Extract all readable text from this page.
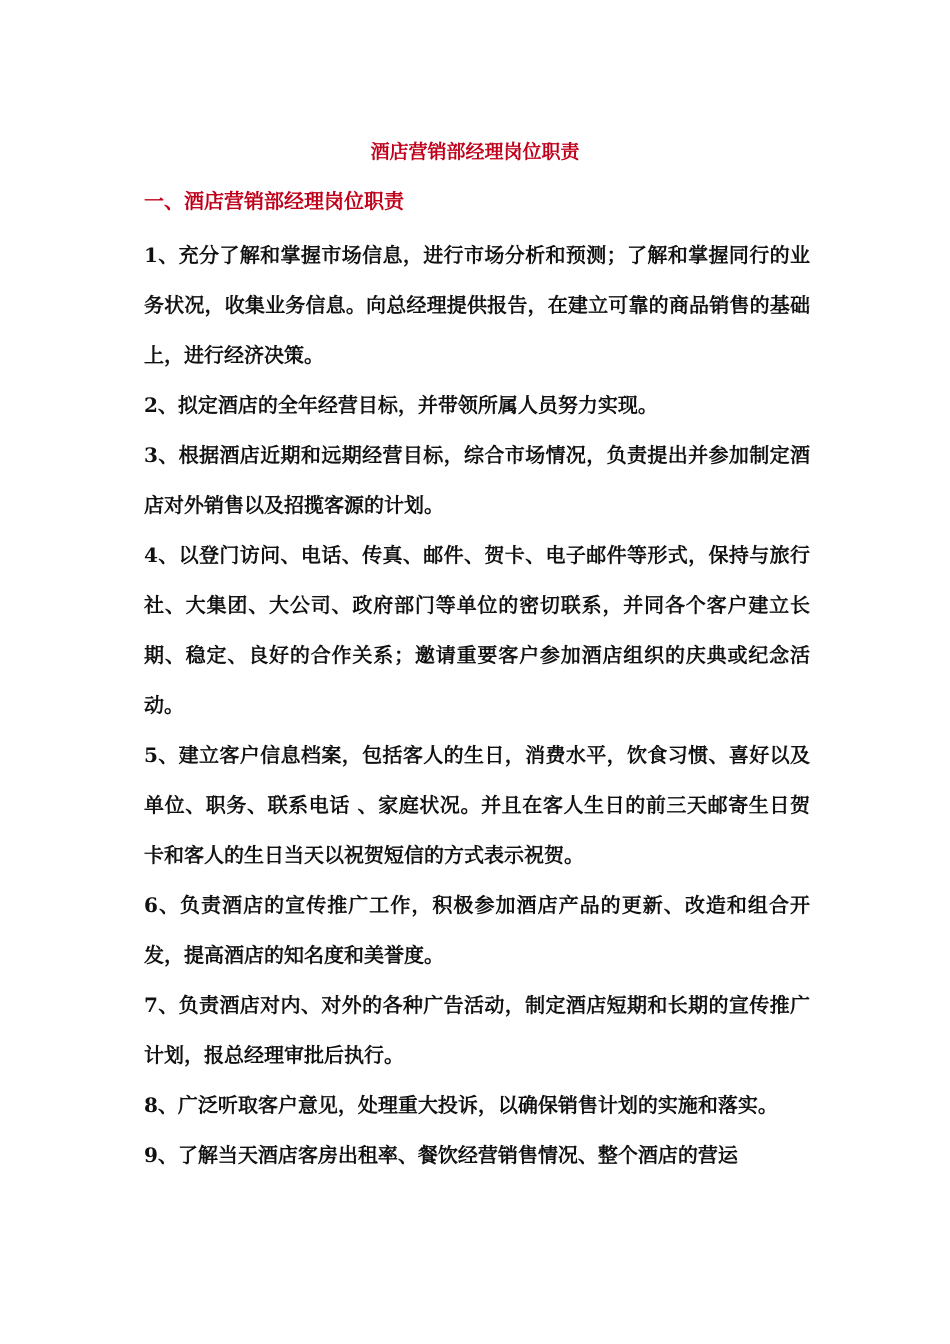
酒店营销部经理岗位职责
一、酒店营销部经理岗位职责

1、充分了解和掌握市场信息，进行市场分析和预测；了解和掌握同行的业务状况，收集业务信息。向总经理提供报告，在建立可靠的商品销售的基础上，进行经济决策。

2、拟定酒店的全年经营目标，并带领所属人员努力实现。

3、根据酒店近期和远期经营目标，综合市场情况，负责提出并参加制定酒店对外销售以及招揽客源的计划。

4、以登门访问、电话、传真、邮件、贺卡、电子邮件等形式，保持与旅行社、大集团、大公司、政府部门等单位的密切联系，并同各个客户建立长期、稳定、良好的合作关系；邀请重要客户参加酒店组织的庆典或纪念活动。

5、建立客户信息档案，包括客人的生日，消费水平，饮食习惯、喜好以及单位、职务、联系电话 、家庭状况。并且在客人生日的前三天邮寄生日贺卡和客人的生日当天以祝贺短信的方式表示祝贺。

6、负责酒店的宣传推广工作，积极参加酒店产品的更新、改造和组合开发，提高酒店的知名度和美誉度。

7、负责酒店对内、对外的各种广告活动，制定酒店短期和长期的宣传推广计划，报总经理审批后执行。

8、广泛听取客户意见，处理重大投诉，以确保销售计划的实施和落实。

9、了解当天酒店客房出租率、餐饮经营销售情况、整个酒店的营运
